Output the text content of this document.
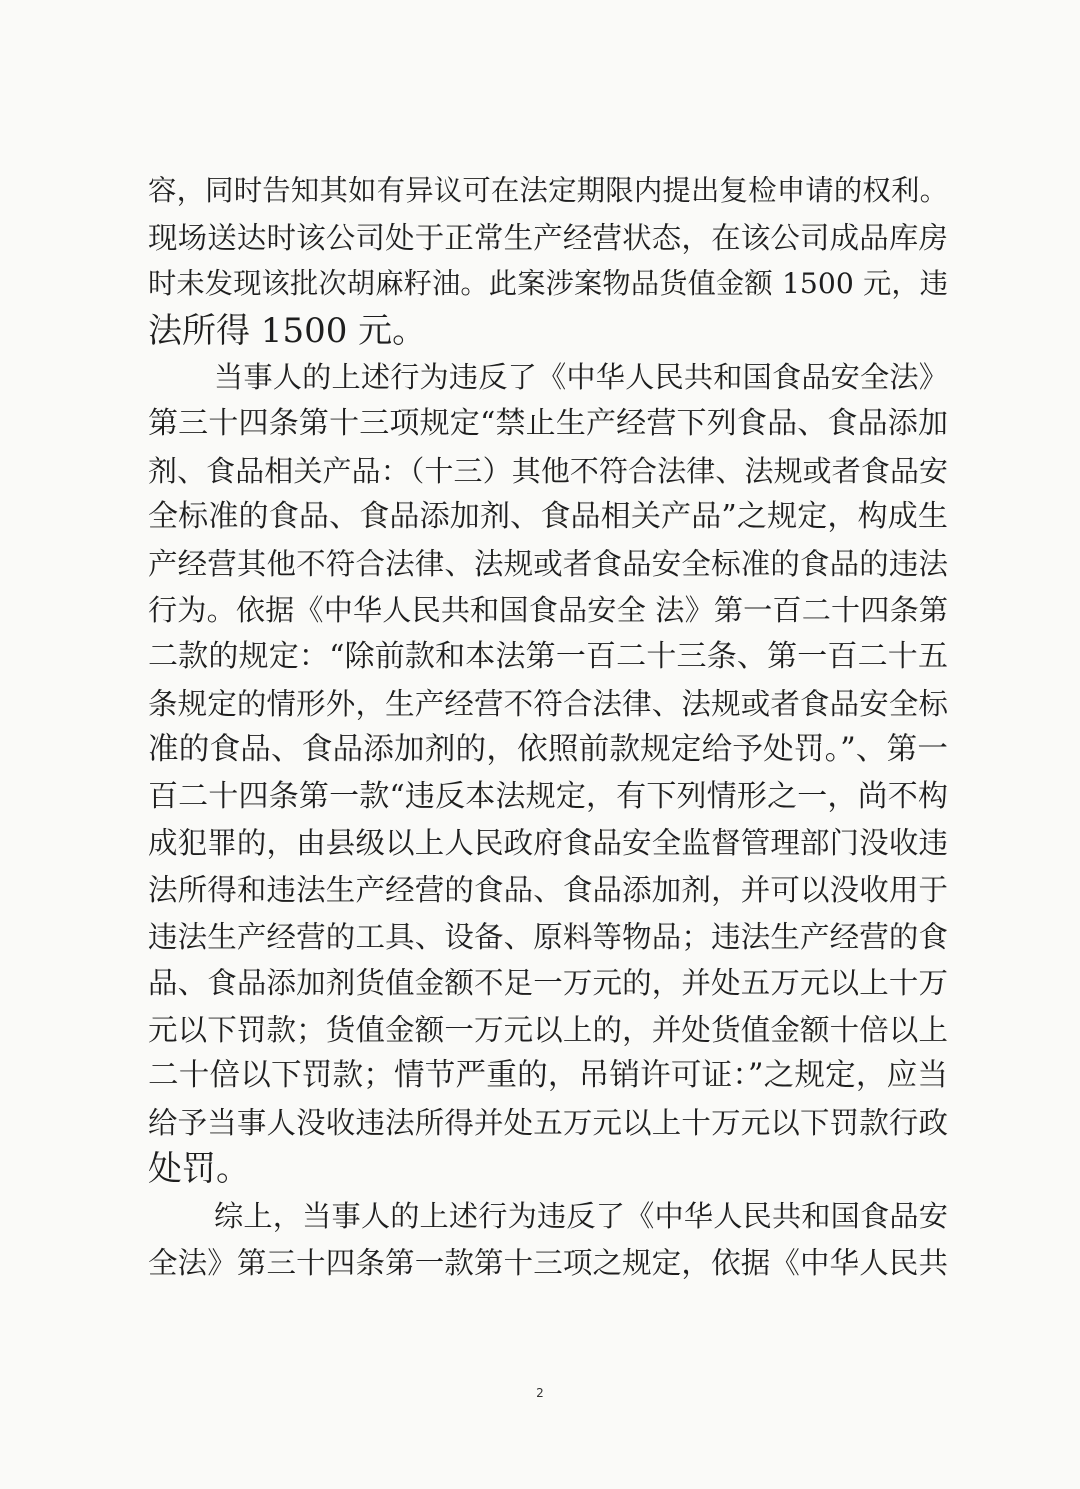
容，同时告知其如有异议可在法定期限内提出复检申请的权利。
现场送达时该公司处于正常生产经营状态，在该公司成品库房
时未发现该批次胡麻籽油。此案涉案物品货值金额 1500 元，违
法所得 1500 元。
当事人的上述行为违反了《中华人民共和国食品安全法》
第三十四条第十三项规定“禁止生产经营下列食品、食品添加
剂、食品相关产品：（十三）其他不符合法律、法规或者食品安
全标准的食品、食品添加剂、食品相关产品”之规定，构成生
产经营其他不符合法律、法规或者食品安全标准的食品的违法
行为。依据《中华人民共和国食品安全 法》第一百二十四条第
二款的规定：“除前款和本法第一百二十三条、第一百二十五
条规定的情形外，生产经营不符合法律、法规或者食品安全标
准的食品、食品添加剂的，依照前款规定给予处罚。”、第一
百二十四条第一款“违反本法规定，有下列情形之一，尚不构
成犯罪的，由县级以上人民政府食品安全监督管理部门没收违
法所得和违法生产经营的食品、食品添加剂，并可以没收用于
违法生产经营的工具、设备、原料等物品；违法生产经营的食
品、食品添加剂货值金额不足一万元的，并处五万元以上十万
元以下罚款；货值金额一万元以上的，并处货值金额十倍以上
二十倍以下罚款；情节严重的，吊销许可证：”之规定，应当
给予当事人没收违法所得并处五万元以上十万元以下罚款行政
处罚。
综上，当事人的上述行为违反了《中华人民共和国食品安
全法》第三十四条第一款第十三项之规定，依据《中华人民共
2
